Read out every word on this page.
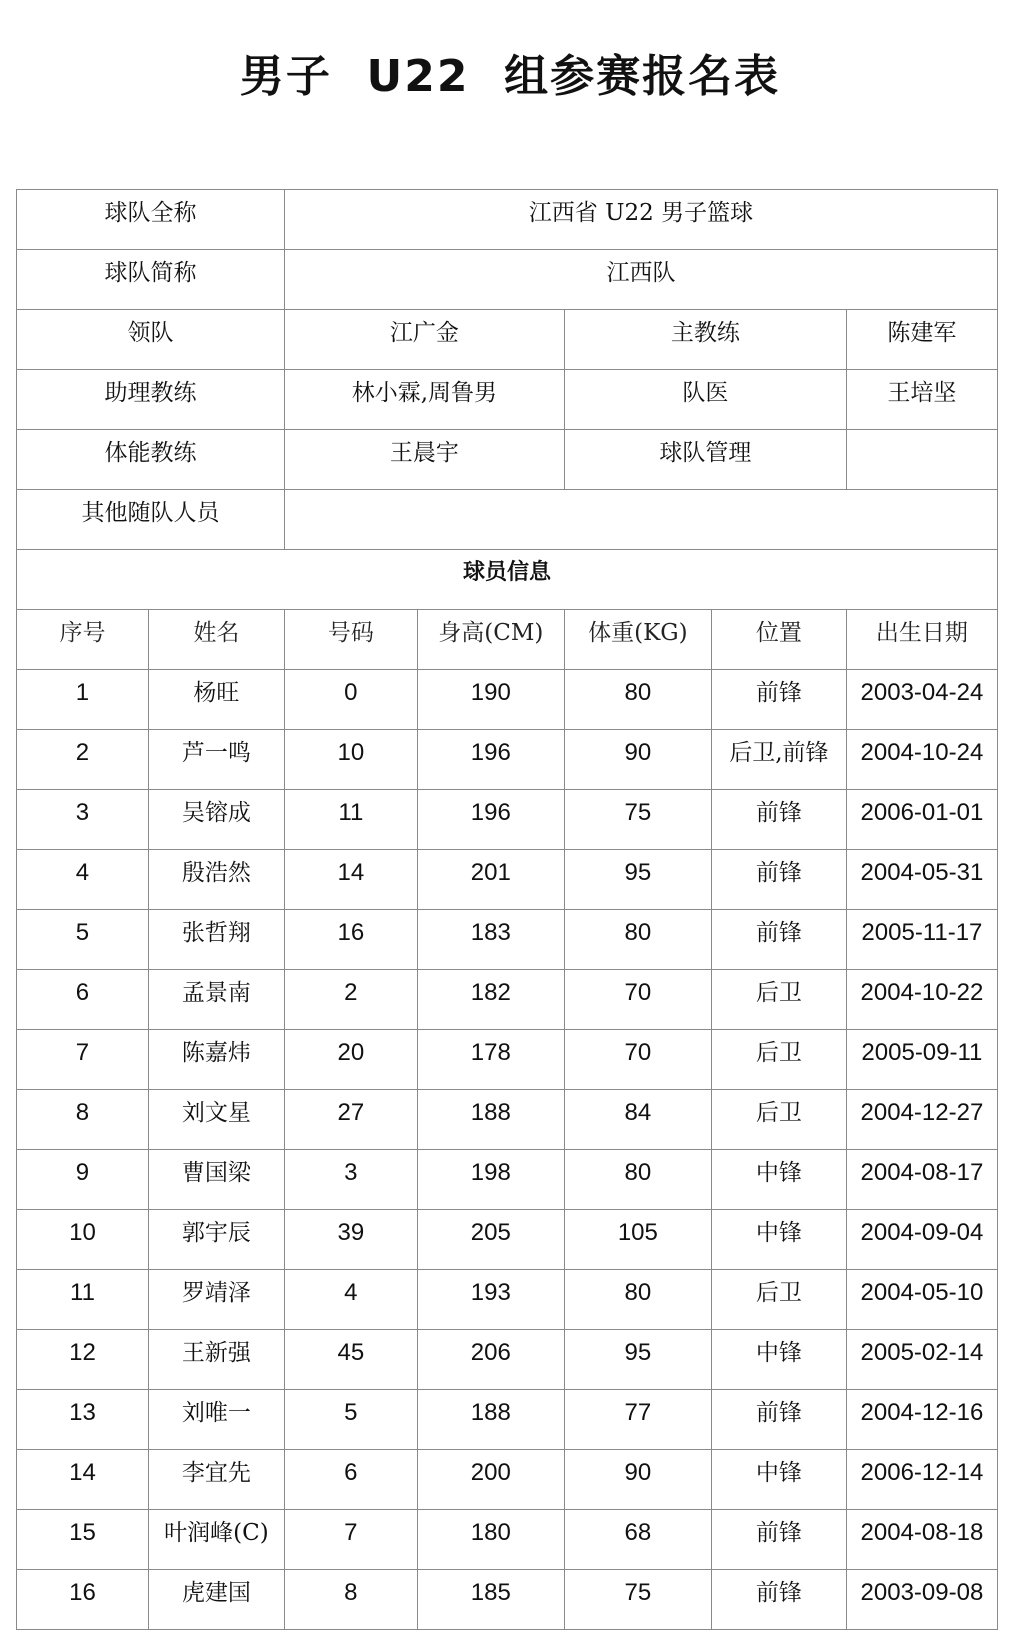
男子  U22  组参赛报名表
球队全称		江西省 U22 男子篮球				

球队简称		江西队				

领队		江广金		主教练		陈建军

助理教练		林小霖,周鲁男		队医		王培坚

体能教练		王晨宇		球队管理		

其他随队人员						

球员信息						

序号	姓名	号码	身高(CM)	体重(KG)	位置	出生日期

1	杨旺	0	190	80	前锋	2003-04-24

2	芦一鸣	10	196	90	后卫,前锋	2004-10-24

3	吴镕成	11	196	75	前锋	2006-01-01

4	殷浩然	14	201	95	前锋	2004-05-31

5	张哲翔	16	183	80	前锋	2005-11-17

6	孟景南	2	182	70	后卫	2004-10-22

7	陈嘉炜	20	178	70	后卫	2005-09-11

8	刘文星	27	188	84	后卫	2004-12-27

9	曹国梁	3	198	80	中锋	2004-08-17

10	郭宇辰	39	205	105	中锋	2004-09-04

11	罗靖泽	4	193	80	后卫	2004-05-10

12	王新强	45	206	95	中锋	2005-02-14

13	刘唯一	5	188	77	前锋	2004-12-16

14	李宜先	6	200	90	中锋	2006-12-14

15	叶润峰(C)	7	180	68	前锋	2004-08-18

16	虎建国	8	185	75	前锋	2003-09-08
